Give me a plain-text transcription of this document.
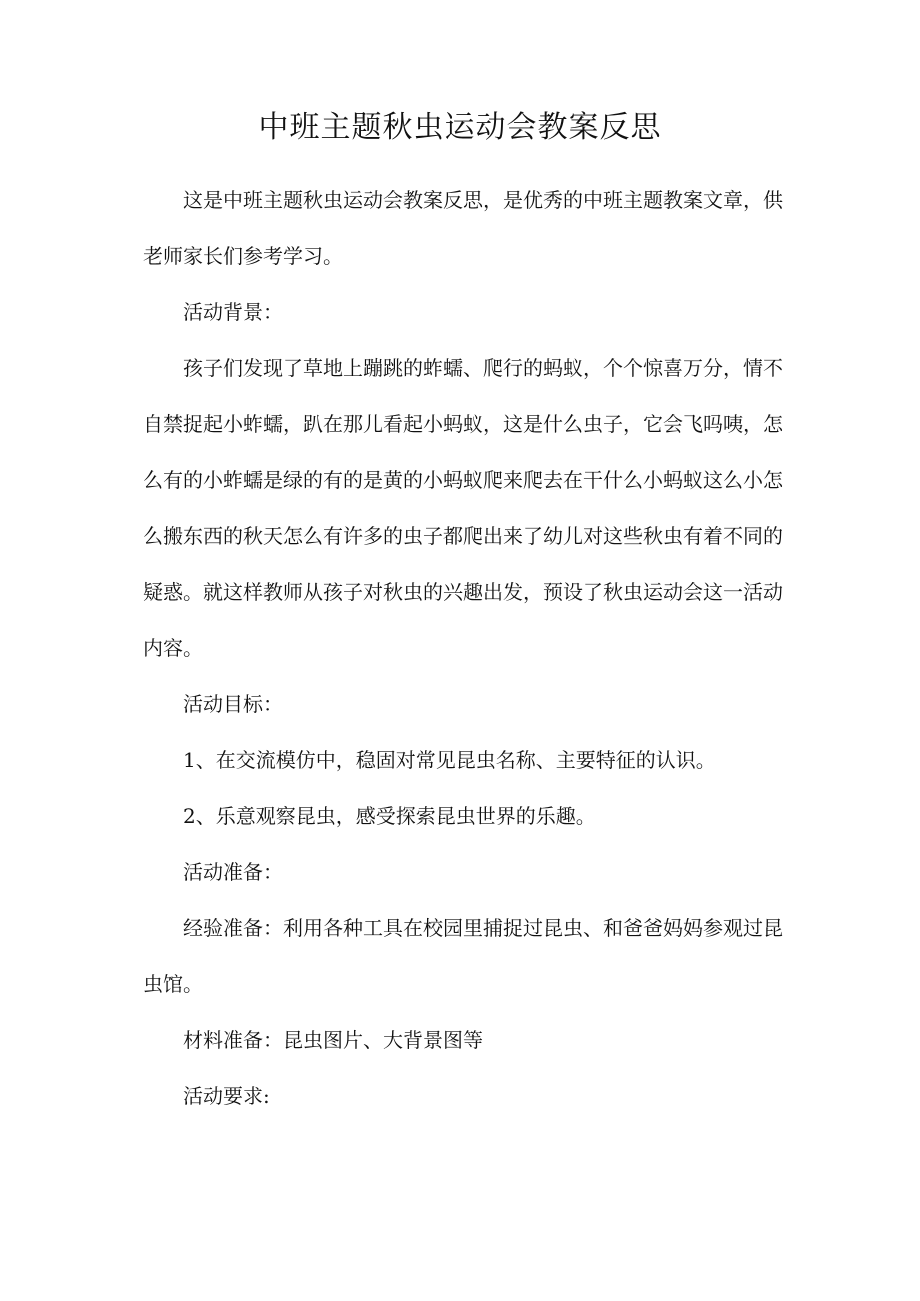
中班主题秋虫运动会教案反思

这是中班主题秋虫运动会教案反思，是优秀的中班主题教案文章，供老师家长们参考学习。

活动背景：

孩子们发现了草地上蹦跳的蚱蠕、爬行的蚂蚁，个个惊喜万分，情不自禁捉起小蚱蠕，趴在那儿看起小蚂蚁，这是什么虫子，它会飞吗咦，怎么有的小蚱蠕是绿的有的是黄的小蚂蚁爬来爬去在干什么小蚂蚁这么小怎么搬东西的秋天怎么有许多的虫子都爬出来了幼儿对这些秋虫有着不同的疑惑。就这样教师从孩子对秋虫的兴趣出发，预设了秋虫运动会这一活动内容。

活动目标：

1、在交流模仿中，稳固对常见昆虫名称、主要特征的认识。

2、乐意观察昆虫，感受探索昆虫世界的乐趣。

活动准备：

经验准备：利用各种工具在校园里捕捉过昆虫、和爸爸妈妈参观过昆虫馆。

材料准备：昆虫图片、大背景图等

活动要求:
